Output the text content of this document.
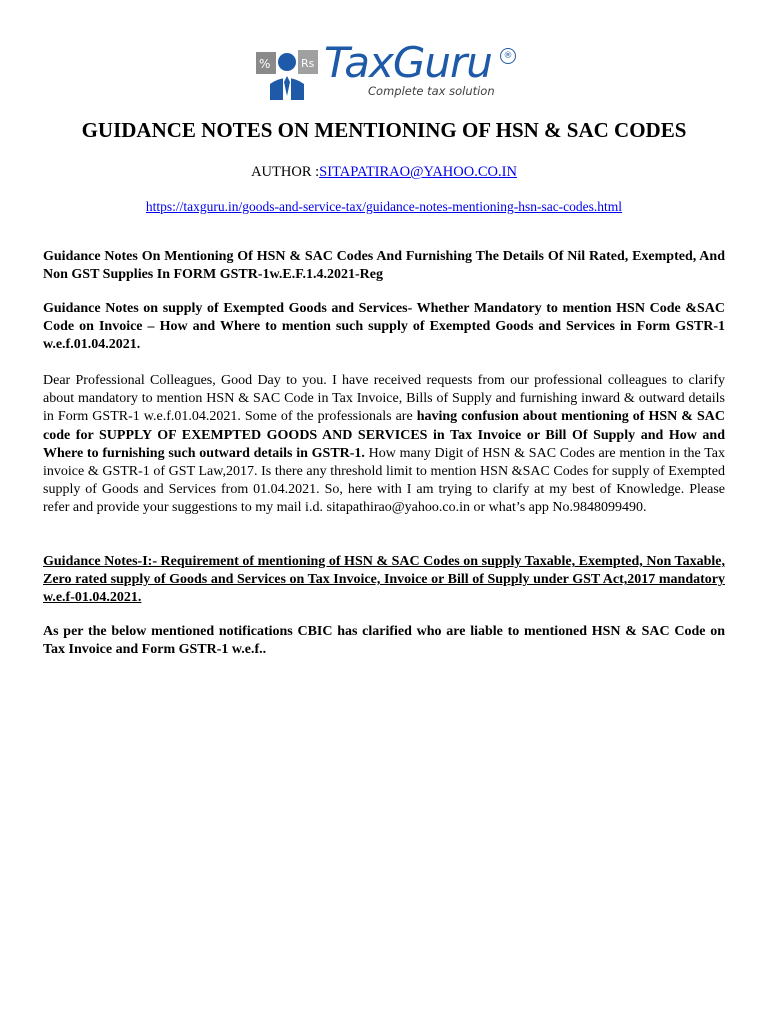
%	Rs TaxGuru	®
Complete tax solution
GUIDANCE NOTES ON MENTIONING OF HSN & SAC CODES
AUTHOR :SITAPATIRAO@YAHOO.CO.IN
https://taxguru.in/goods-and-service-tax/guidance-notes-mentioning-hsn-sac-codes.html

Guidance Notes On Mentioning Of HSN & SAC Codes And Furnishing The Details Of Nil Rated, Exempted, And Non GST Supplies In FORM GSTR-1w.E.F.1.4.2021-Reg

Guidance Notes on supply of Exempted Goods and Services- Whether Mandatory to mention HSN Code &SAC Code on Invoice – How and Where to mention such supply of Exempted Goods and Services in Form GSTR-1 w.e.f.01.04.2021.

Dear Professional Colleagues, Good Day to you. I have received requests from our professional colleagues to clarify about mandatory to mention HSN & SAC Code in Tax Invoice, Bills of Supply and furnishing inward & outward details in Form GSTR-1 w.e.f.01.04.2021. Some of the professionals are having confusion about mentioning of HSN & SAC code for SUPPLY OF EXEMPTED GOODS AND SERVICES in Tax Invoice or Bill Of Supply and How and Where to furnishing such outward details in GSTR-1. How many Digit of HSN & SAC Codes are mention in the Tax invoice & GSTR-1 of GST Law,2017. Is there any threshold limit to mention HSN &SAC Codes for supply of Exempted supply of Goods and Services from 01.04.2021. So, here with I am trying to clarify at my best of Knowledge. Please refer and provide your suggestions to my mail i.d. sitapathirao@yahoo.co.in or what’s app No.9848099490.

Guidance Notes-I:- Requirement of mentioning of HSN & SAC Codes on supply Taxable, Exempted, Non Taxable, Zero rated supply of Goods and Services on Tax Invoice, Invoice or Bill of Supply under GST Act,2017 mandatory w.e.f-01.04.2021.

As per the below mentioned notifications CBIC has clarified who are liable to mentioned HSN & SAC Code on Tax Invoice and Form GSTR-1 w.e.f..
